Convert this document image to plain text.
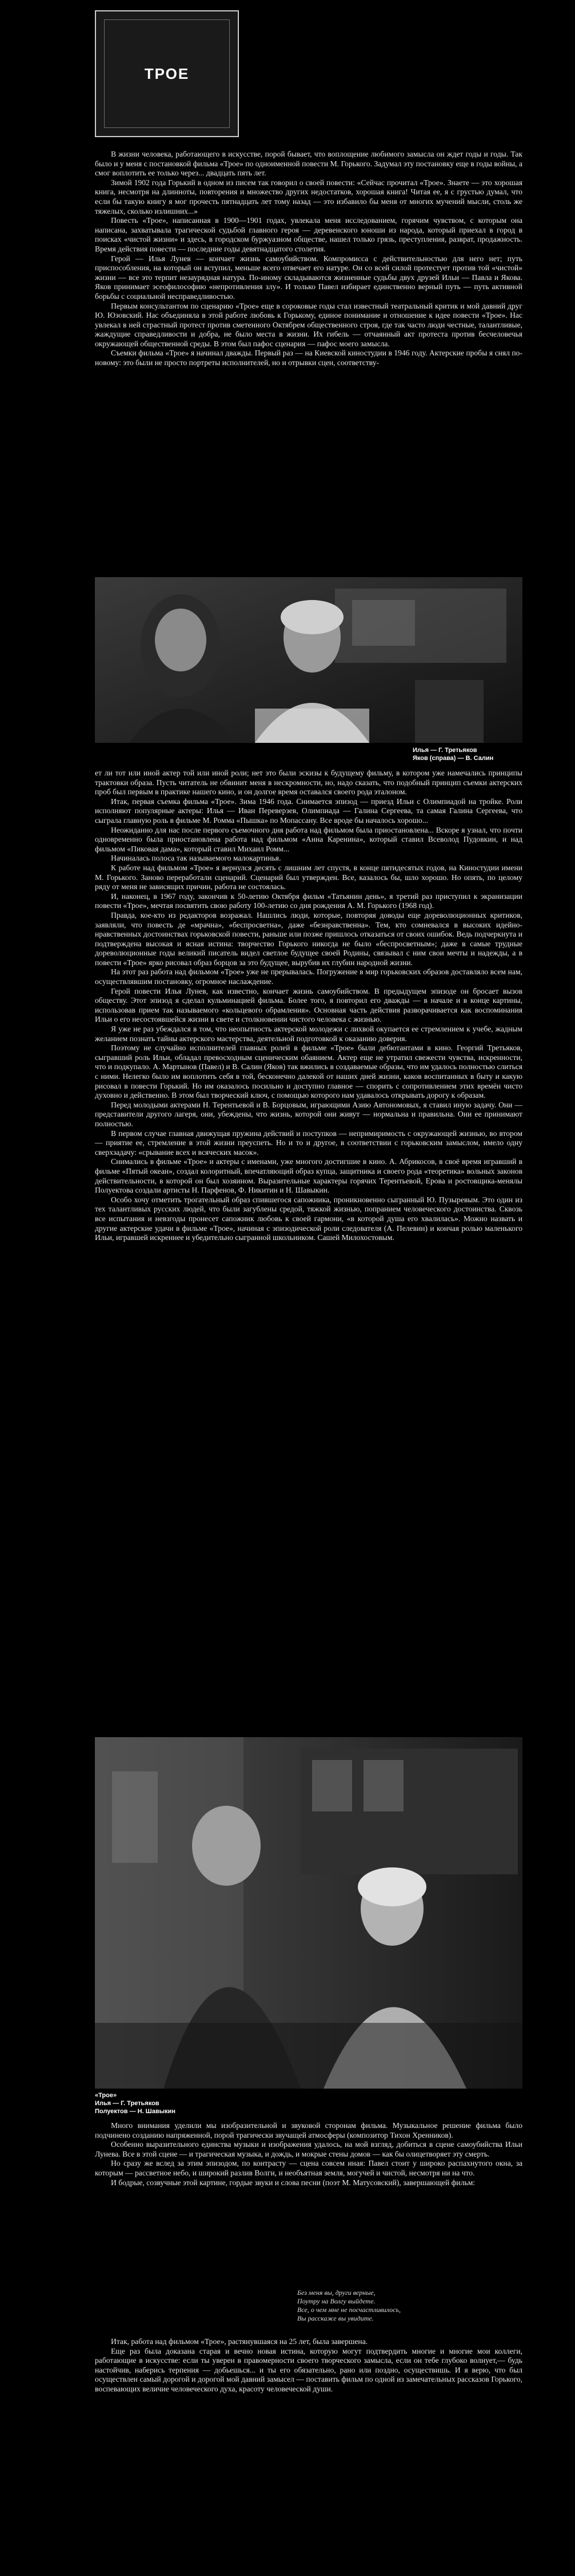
ТРОЕ

В жизни человека, работающего в искусстве, порой бывает, что воплощение любимого замысла он ждет годы и годы. Так было и у меня с постановкой фильма «Трое» по одноименной повести М. Горького. Задумал эту постановку еще в годы войны, а смог воплотить ее только через... двадцать пять лет.

Зимой 1902 года Горький в одном из писем так говорил о своей повести: «Сейчас прочитал «Трое». Знаете — это хорошая книга, несмотря на длинноты, повторения и множество других недостатков, хорошая книга! Читая ее, я с грустью думал, что если бы такую книгу я мог прочесть пятнадцать лет тому назад — это избавило бы меня от многих мучений мысли, столь же тяжелых, сколько излишних...»

Повесть «Трое», написанная в 1900—1901 годах, увлекала меня исследованием, горячим чувством, с которым она написана, захватывала трагической судьбой главного героя — деревенского юноши из народа, который приехал в город в поисках «чистой жизни» и здесь, в городском буржуазном обществе, нашел только грязь, преступления, разврат, продажность. Время действия повести — последние годы девятнадцатого столетия.

Герой — Илья Лунев — кончает жизнь самоубийством. Компромисса с действительностью для него нет; путь приспособления, на который он вступил, меньше всего отвечает его натуре. Он со всей силой протестует против той «чистой» жизни — все это терпит незаурядная натура. По-иному складываются жизненные судьбы двух друзей Ильи — Павла и Якова. Яков принимает эсеофилософию «непротивления злу». И только Павел избирает единственно верный путь — путь активной борьбы с социальной несправедливостью.

Первым консультантом по сценарию «Трое» еще в сороковые годы стал известный театральный критик и мой давний друг Ю. Юзовский. Нас объединяла в этой работе любовь к Горькому, единое понимание и отношение к идее повести «Трое». Нас увлекал в ней страстный протест против сметенного Октябрем общественного строя, где так часто люди честные, талантливые, жаждущие справедливости и добра, не было места в жизни. Их гибель — отчаянный акт протеста против бесчеловечья окружающей общественной среды. В этом был пафос сценария — пафос моего замысла.

Съемки фильма «Трое» я начинал дважды. Первый раз — на Киевской киностудии в 1946 году. Актерские пробы я снял по-новому: это были не просто портреты исполнителей, но и отрывки сцен, соответству-

Илья — Г. Третьяков
Яков (справа) — В. Салин

ет ли тот или иной актер той или иной роли; нет это были эскизы к будущему фильму, в котором уже намечались принципы трактовки образа. Пусть читатель не обвинит меня в нескромности, но, надо сказать, что подобный принцип съемки актерских проб был первым в практике нашего кино, и он долгое время оставался своего рода эталоном.

Итак, первая съемка фильма «Трое». Зима 1946 года. Снимается эпизод — приезд Ильи с Олимпиадой на тройке. Роли исполняют популярные актеры: Илья — Иван Переверзев, Олимпиада — Галина Сергеева, та самая Галина Сергеева, что сыграла главную роль в фильме М. Ромма «Пышка» по Мопассану. Все вроде бы началось хорошо...

Неожиданно для нас после первого съемочного дня работа над фильмом была приостановлена... Вскоре я узнал, что почти одновременно была приостановлена работа над фильмом «Анна Каренина», который ставил Всеволод Пудовкин, и над фильмом «Пиковая дама», который ставил Михаил Ромм...

Начиналась полоса так называемого малокартинья.

К работе над фильмом «Трое» я вернулся десять с лишним лет спустя, в конце пятидесятых годов, на Киностудии имени М. Горького. Заново переработали сценарий. Сценарий был утвержден. Все, казалось бы, шло хорошо. Но опять, по целому ряду от меня не зависящих причин, работа не состоялась.

И, наконец, в 1967 году, закончив к 50-летию Октября фильм «Татьянин день», я третий раз приступил к экранизации повести «Трое», мечтая посвятить свою работу 100-летию со дня рождения А. М. Горького (1968 год).

Правда, кое-кто из редакторов возражал. Нашлись люди, которые, повторяя доводы еще дореволюционных критиков, заявляли, что повесть де «мрачна», «беспросветна», даже «безнравственна». Тем, кто сомневался в высоких идейно-нравственных достоинствах горьковской повести, раньше или позже пришлось отказаться от своих ошибок. Ведь подчеркнута и подтверждена высокая и ясная истина: творчество Горького никогда не было «беспросветным»; даже в самые трудные дореволюционные годы великий писатель видел светлое будущее своей Родины, связывал с ним свои мечты и надежды, а в повести «Трое» ярко рисовал образ борцов за это будущее, вырубив их глубин народной жизни.

На этот раз работа над фильмом «Трое» уже не прерывалась. Погружение в мир горьковских образов доставляло всем нам, осуществлявшим постановку, огромное наслаждение.

Герой повести Илья Лунев, как известно, кончает жизнь самоубийством. В предыдущем эпизоде он бросает вызов обществу. Этот эпизод я сделал кульминацией фильма. Более того, я повторил его дважды — в начале и в конце картины, использовав прием так называемого «кольцевого обрамления». Основная часть действия разворачивается как воспоминания Ильи о его несостоявшейся жизни в свете и столкновении чистого человека с жизнью.

Я уже не раз убеждался в том, что неопытность актерской молодежи с лихвой окупается ее стремлением к учебе, жадным желанием познать тайны актерского мастерства, деятельной подготовкой к оказанию доверия.

Поэтому не случайно исполнителей главных ролей в фильме «Трое» были дебютантами в кино. Георгий Третьяков, сыгравший роль Ильи, обладал превосходным сценическим обаянием. Актер еще не утратил свежести чувства, искренности, что и подкупало. А. Мартынов (Павел) и В. Салин (Яков) так вжились в создаваемые образы, что им удалось полностью слиться с ними. Нелегко было им воплотить себя в той, бесконечно далекой от наших дней жизни, каков воспитанных в быту и какую рисовал в повести Горький. Но им оказалось посильно и доступно главное — спорить с сопротивлением этих времён чисто духовно и действенно. В этом был творческий ключ, с помощью которого нам удавалось открывать дорогу к образам.

Перед молодыми актерами Н. Терентьевой и В. Борцовым, играющими Азию Автономовых, я ставил иную задачу. Они — представители другого лагеря, они, убеждены, что жизнь, которой они живут — нормальна и правильна. Они ее принимают полностью.

В первом случае главная движущая пружина действий и поступков — непримиримость с окружающей жизнью, во втором — приятие ее, стремление в этой жизни преуспеть. Но и то и другое, в соответствии с горьковским замыслом, имело одну сверхзадачу: «срывание всех и всяческих масок».

Снимались в фильме «Трое» и актеры с именами, уже многого достигшие в кино. А. Абрикосов, в своё время игравший в фильме «Пятый океан», создал колоритный, впечатляющий образ купца, защитника и своего рода «теоретика» вольных законов действительности, в которой он был хозяином. Выразительные характеры горячих Терентьевой, Ерова и ростовщика-менялы Полуектова создали артисты Н. Парфенов, Ф. Никитин и Н. Шавыкин.

Особо хочу отметить трогательный образ спившегося сапожника, проникновенно сыгранный Ю. Пузыревым. Это один из тех талантливых русских людей, что были загублены средой, тяжкой жизнью, попранием человеческого достоинства. Сквозь все испытания и невзгоды пронесет сапожник любовь к своей гармони, «в которой душа его хвалилась». Можно назвать и другие актерские удачи в фильме «Трое», начиная с эпизодической роли следователя (А. Пелевин) и кончая ролью маленького Ильи, игравшей искреннее и убедительно сыгранной школьником. Сашей Милохостовым.

«Трое»
Илья — Г. Третьяков
Полуектов — Н. Шавыкин

Много внимания уделили мы изобразительной и звуковой сторонам фильма. Музыкальное решение фильма было подчинено созданию напряженной, порой трагически звучащей атмосферы (композитор Тихон Хренников).

Особенно выразительного единства музыки и изображения удалось, на мой взгляд, добиться в сцене самоубийства Ильи Лунева. Все в этой сцене — и трагическая музыка, и дождь, и мокрые стены домов — как бы олицетворяет эту смерть.

Но сразу же вслед за этим эпизодом, по контрасту — сцена совсем иная: Павел стоит у широко распахнутого окна, за которым — рассветное небо, и широкий разлив Волги, и необъятная земля, могучей и чистой, несмотря ни на что.

И бодрые, созвучные этой картине, гордые звуки и слова песни (поэт М. Матусовский), завершающей фильм:

Без меня вы, други верные,
Поутру на Волгу выйдете.
Все, о чем мне не посчастливилось,
Вы расскаже вы увидите.

Итак, работа над фильмом «Трое», растянувшаяся на 25 лет, была завершена.

Еще раз была доказана старая и вечно новая истина, которую могут подтвердить многие и многие мои коллеги, работающие в искусстве: если ты уверен в правомерности своего творческого замысла, если он тебе глубоко волнует,— будь настойчив, наберись терпения — добьешься... и ты его обязательно, рано или поздно, осуществишь. И я верю, что был осуществлен самый дорогой и дорогой мой давний замысел — поставить фильм по одной из замечательных рассказов Горького, воспевающих величие человеческого духа, красоту человеческой души.
